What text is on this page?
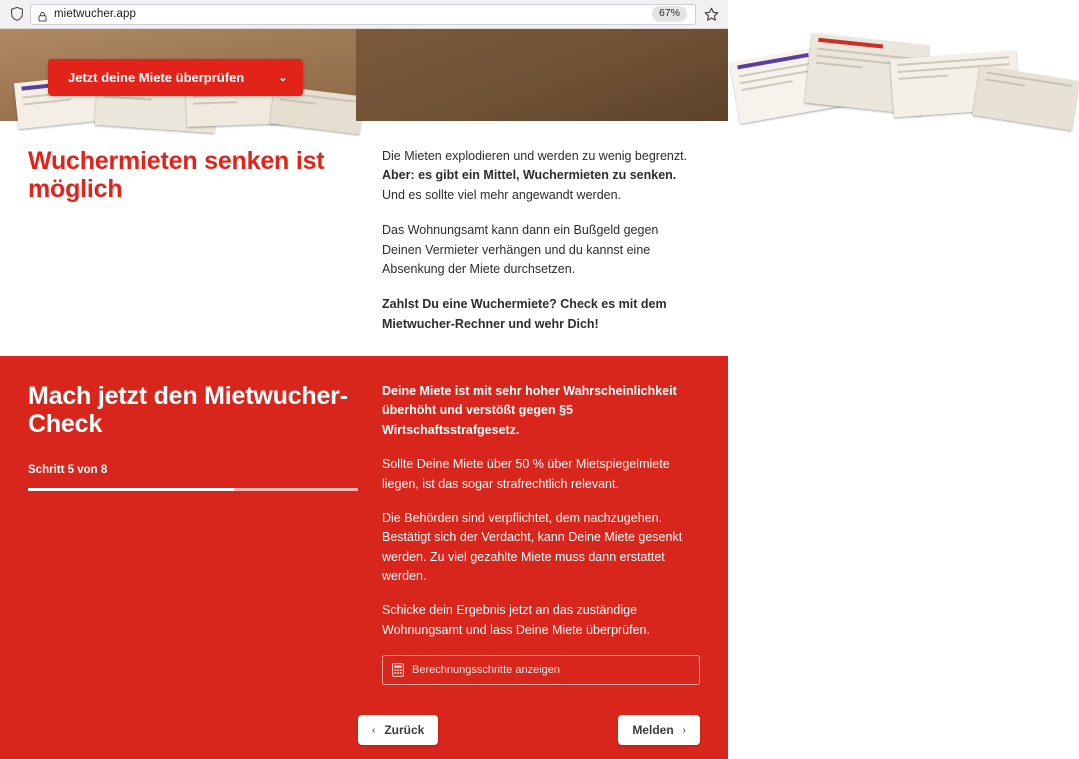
mietwucher.app	67%
Jetzt deine Miete überprüfen	⌄
Wuchermieten senken ist möglich

Die Mieten explodieren und werden zu wenig begrenzt. Aber: es gibt ein Mittel, Wuchermieten zu senken. Und es sollte viel mehr angewandt werden.

Das Wohnungsamt kann dann ein Bußgeld gegen Deinen Vermieter verhängen und du kannst eine Absenkung der Miete durchsetzen.

Zahlst Du eine Wuchermiete? Check es mit dem Mietwucher-Rechner und wehr Dich!

Mach jetzt den Mietwucher-Check

Schritt 5 von 8

Deine Miete ist mit sehr hoher Wahrscheinlichkeit überhöht und verstößt gegen §5 Wirtschaftsstrafgesetz.

Sollte Deine Miete über 50 % über Mietspiegelmiete liegen, ist das sogar strafrechtlich relevant.

Die Behörden sind verpflichtet, dem nachzugehen. Bestätigt sich der Verdacht, kann Deine Miete gesenkt werden. Zu viel gezahlte Miete muss dann erstattet werden.

Schicke dein Ergebnis jetzt an das zuständige Wohnungsamt und lass Deine Miete überprüfen.

Berechnungsschritte anzeigen
‹ Zurück	Melden ›
